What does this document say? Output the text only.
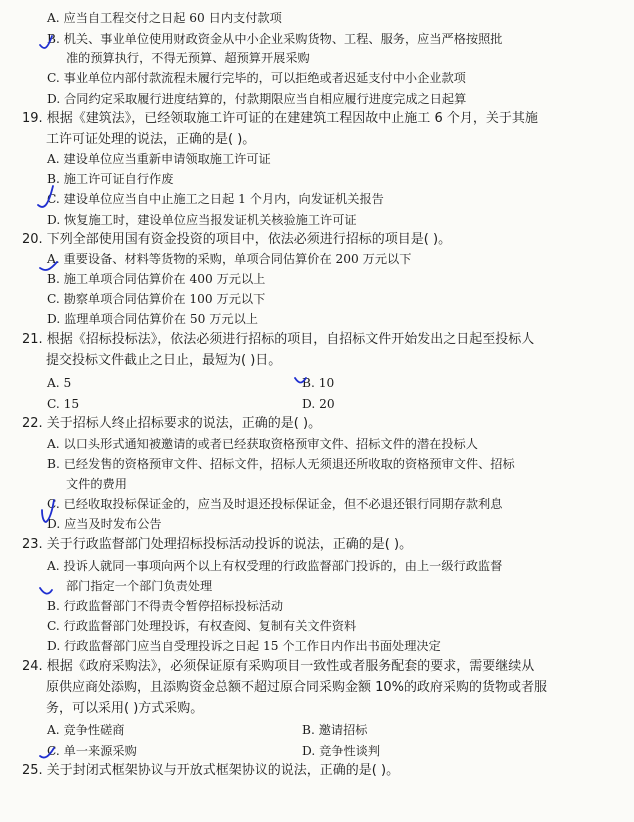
A. 应当自工程交付之日起 60 日内支付款项
B. 机关、事业单位使用财政资金从中小企业采购货物、工程、服务，应当严格按照批
准的预算执行，不得无预算、超预算开展采购
C. 事业单位内部付款流程未履行完毕的，可以拒绝或者迟延支付中小企业款项
D. 合同约定采取履行进度结算的，付款期限应当自相应履行进度完成之日起算
19. 根据《建筑法》，已经领取施工许可证的在建建筑工程因故中止施工 6 个月，关于其施
工许可证处理的说法，正确的是( )。
A. 建设单位应当重新申请领取施工许可证
B. 施工许可证自行作废
C. 建设单位应当自中止施工之日起 1 个月内，向发证机关报告
D. 恢复施工时，建设单位应当报发证机关核验施工许可证
20. 下列全部使用国有资金投资的项目中，依法必须进行招标的项目是( )。
A. 重要设备、材料等货物的采购，单项合同估算价在 200 万元以下
B. 施工单项合同估算价在 400 万元以上
C. 勘察单项合同估算价在 100 万元以下
D. 监理单项合同估算价在 50 万元以上
21. 根据《招标投标法》，依法必须进行招标的项目，自招标文件开始发出之日起至投标人
提交投标文件截止之日止，最短为( )日。
A. 5	B. 10
C. 15	D. 20
22. 关于招标人终止招标要求的说法，正确的是( )。
A. 以口头形式通知被邀请的或者已经获取资格预审文件、招标文件的潜在投标人
B. 已经发售的资格预审文件、招标文件，招标人无须退还所收取的资格预审文件、招标
文件的费用
C. 已经收取投标保证金的，应当及时退还投标保证金，但不必退还银行同期存款利息
D. 应当及时发布公告
23. 关于行政监督部门处理招标投标活动投诉的说法，正确的是( )。
A. 投诉人就同一事项向两个以上有权受理的行政监督部门投诉的，由上一级行政监督
部门指定一个部门负责处理
B. 行政监督部门不得责令暂停招标投标活动
C. 行政监督部门处理投诉，有权查阅、复制有关文件资料
D. 行政监督部门应当自受理投诉之日起 15 个工作日内作出书面处理决定
24. 根据《政府采购法》，必须保证原有采购项目一致性或者服务配套的要求，需要继续从
原供应商处添购，且添购资金总额不超过原合同采购金额 10%的政府采购的货物或者服
务，可以采用( )方式采购。
A. 竞争性磋商	B. 邀请招标
C. 单一来源采购	D. 竞争性谈判
25. 关于封闭式框架协议与开放式框架协议的说法，正确的是( )。
